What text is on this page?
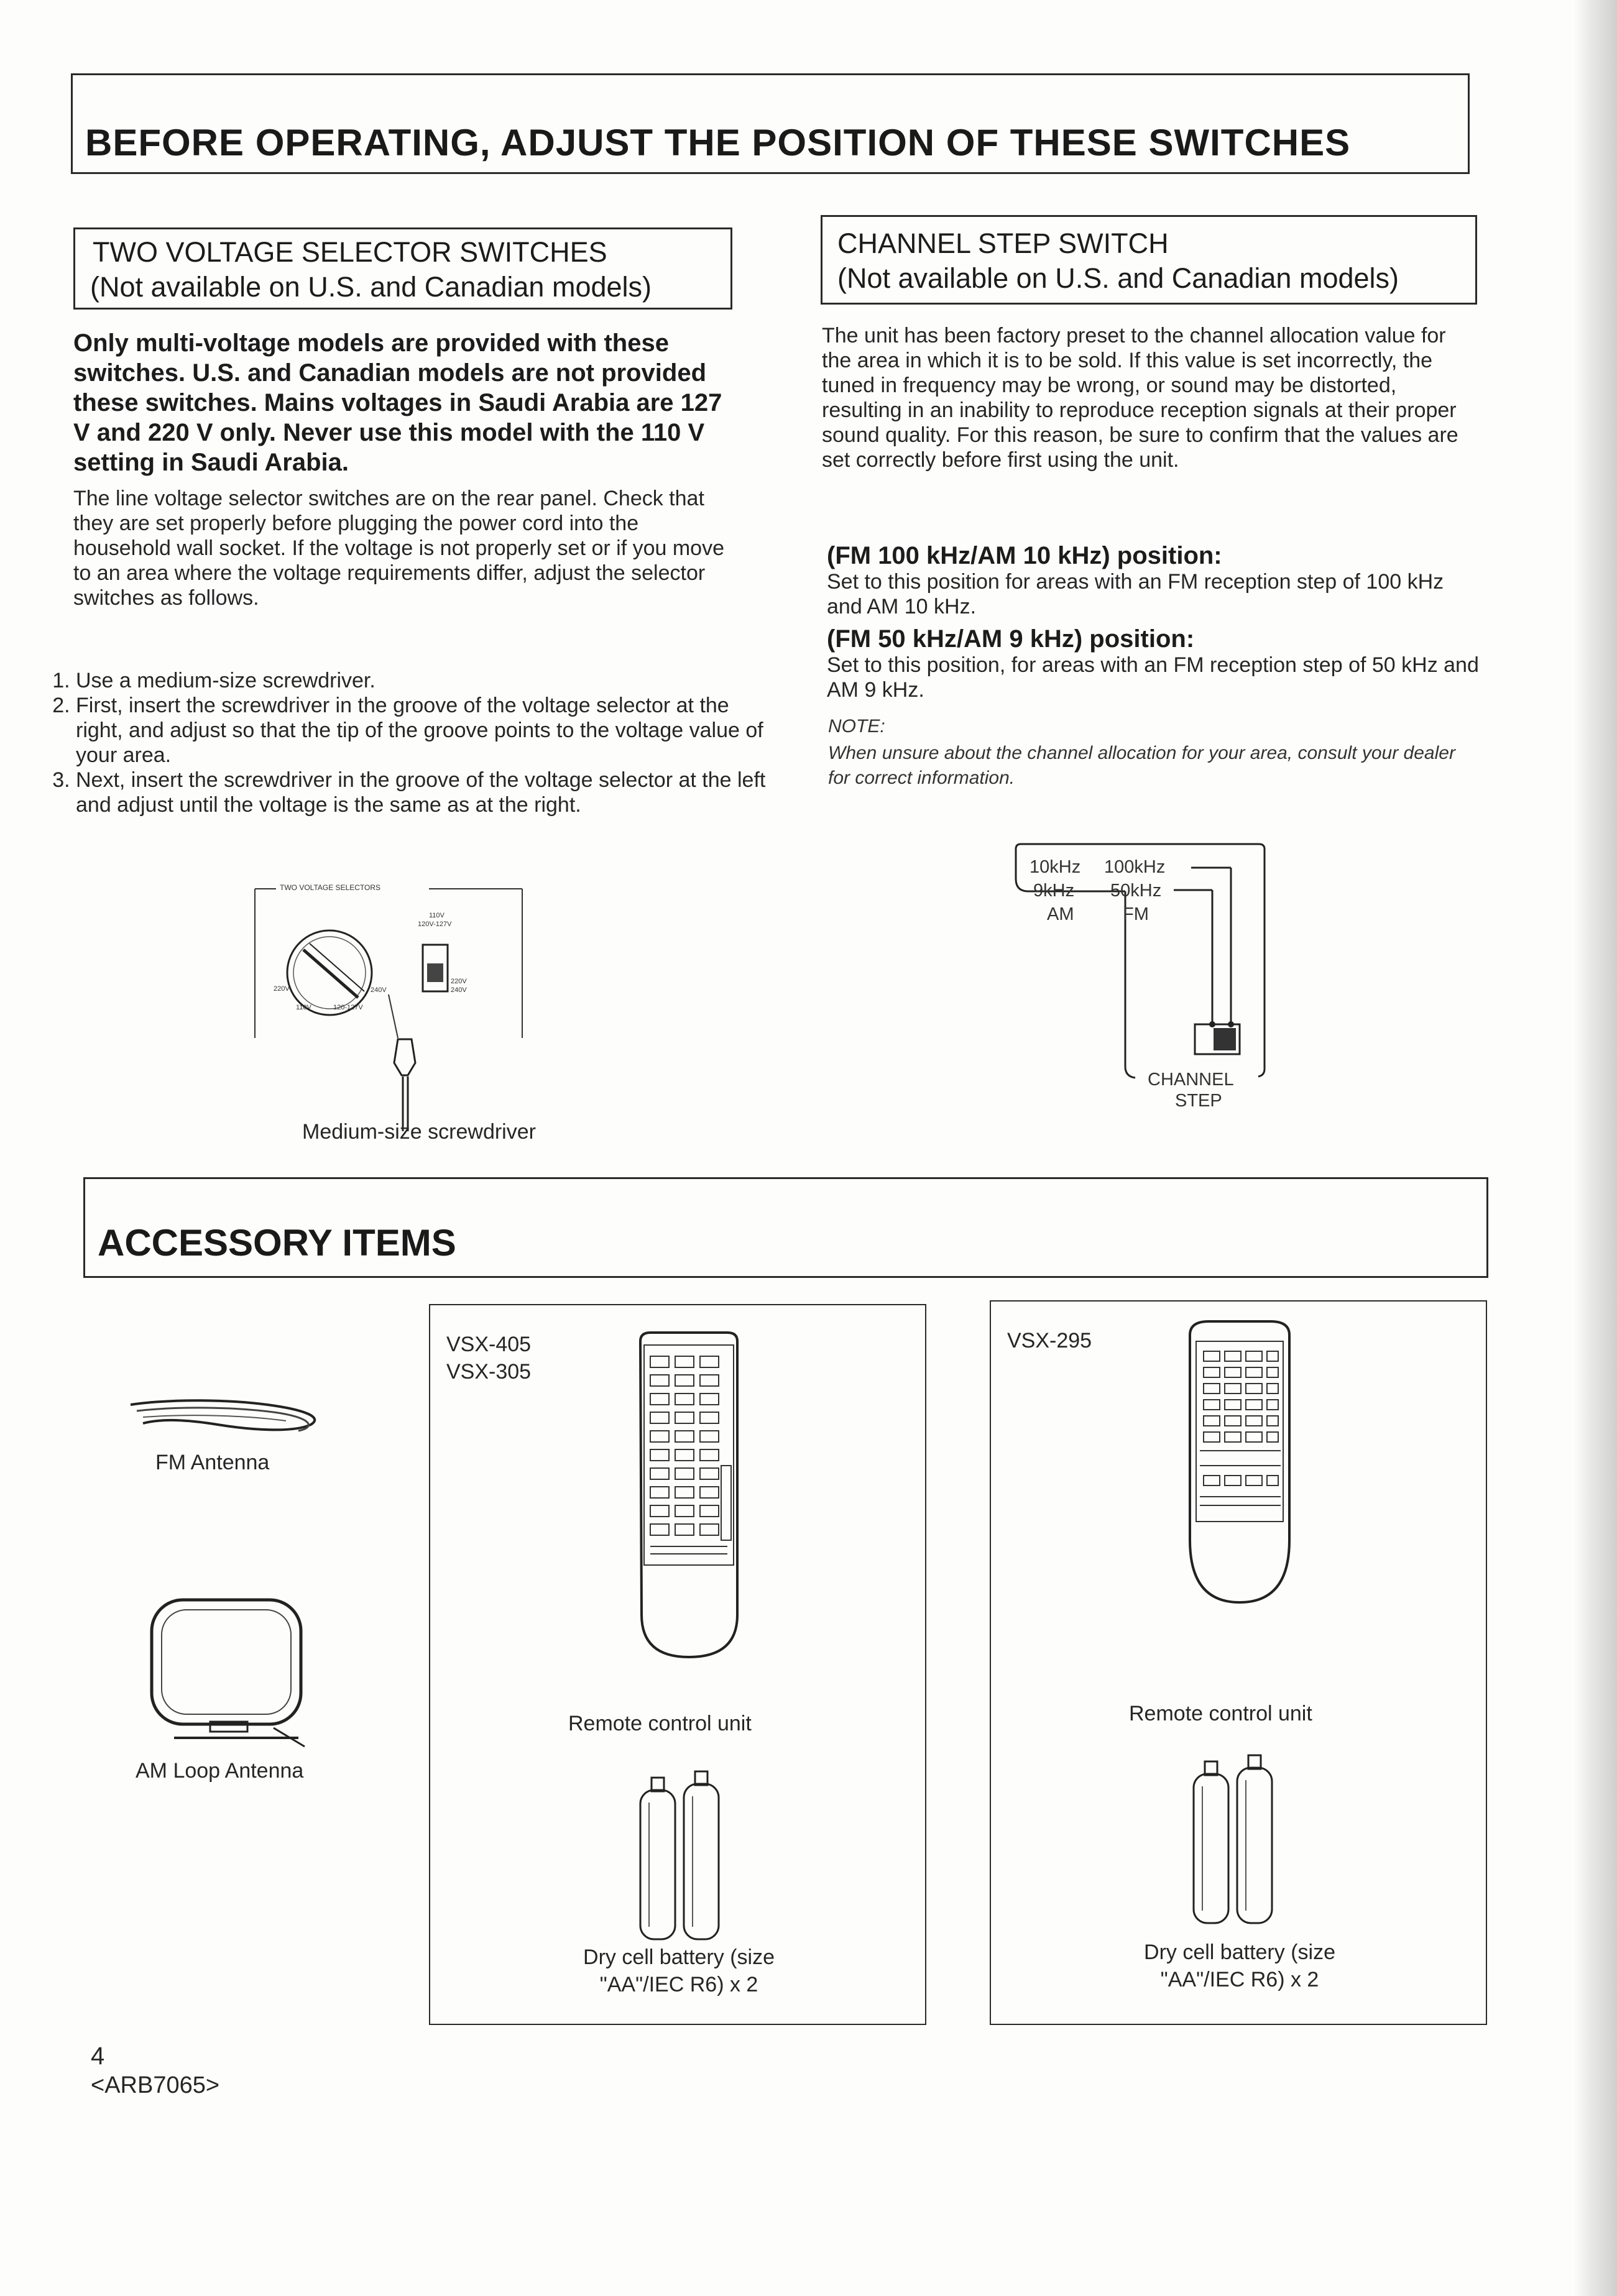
BEFORE OPERATING, ADJUST THE POSITION OF THESE SWITCHES
TWO VOLTAGE SELECTOR SWITCHES
(Not available on U.S. and Canadian models)
Only multi-voltage models are provided with these switches. U.S. and Canadian models are not provided these switches. Mains voltages in Saudi Arabia are 127 V and 220 V only. Never use this model with the 110 V setting in Saudi Arabia.
The line voltage selector switches are on the rear panel. Check that they are set properly before plugging the power cord into the household wall socket. If the voltage is not properly set or if you move to an area where the voltage requirements differ, adjust the selector switches as follows.
1. Use a medium-size screwdriver.
2. First, insert the screwdriver in the groove of the voltage selector at the right, and adjust so that the tip of the groove points to the voltage value of your area.
3. Next, insert the screwdriver in the groove of the voltage selector at the left and adjust until the voltage is the same as at the right.
TWO VOLTAGE SELECTORS
110V
120V-127V
220V
240V
220V	240V
110V	120-127V
Medium-size screwdriver
CHANNEL STEP SWITCH
(Not available on U.S. and Canadian models)
The unit has been factory preset to the channel allocation value for the area in which it is to be sold. If this value is set incorrectly, the tuned in frequency may be wrong, or sound may be distorted, resulting in an inability to reproduce reception signals at their proper sound quality. For this reason, be sure to confirm that the values are set correctly before first using the unit.
(FM 100 kHz/AM 10 kHz) position:
Set to this position for areas with an FM reception step of 100 kHz and AM 10 kHz.
(FM 50 kHz/AM 9 kHz) position:
Set to this position, for areas with an FM reception step of 50 kHz and AM 9 kHz.
NOTE:
When unsure about the channel allocation for your area, consult your dealer for correct information.
10kHz 100kHz
9kHz 50kHz
AM	FM
CHANNEL
STEP
ACCESSORY ITEMS
FM Antenna
AM Loop Antenna
VSX-405
VSX-305
Remote control unit
Dry cell battery (size
"AA"/IEC R6) x 2
VSX-295
Remote control unit
Dry cell battery (size
"AA"/IEC R6) x 2
4
<ARB7065>
